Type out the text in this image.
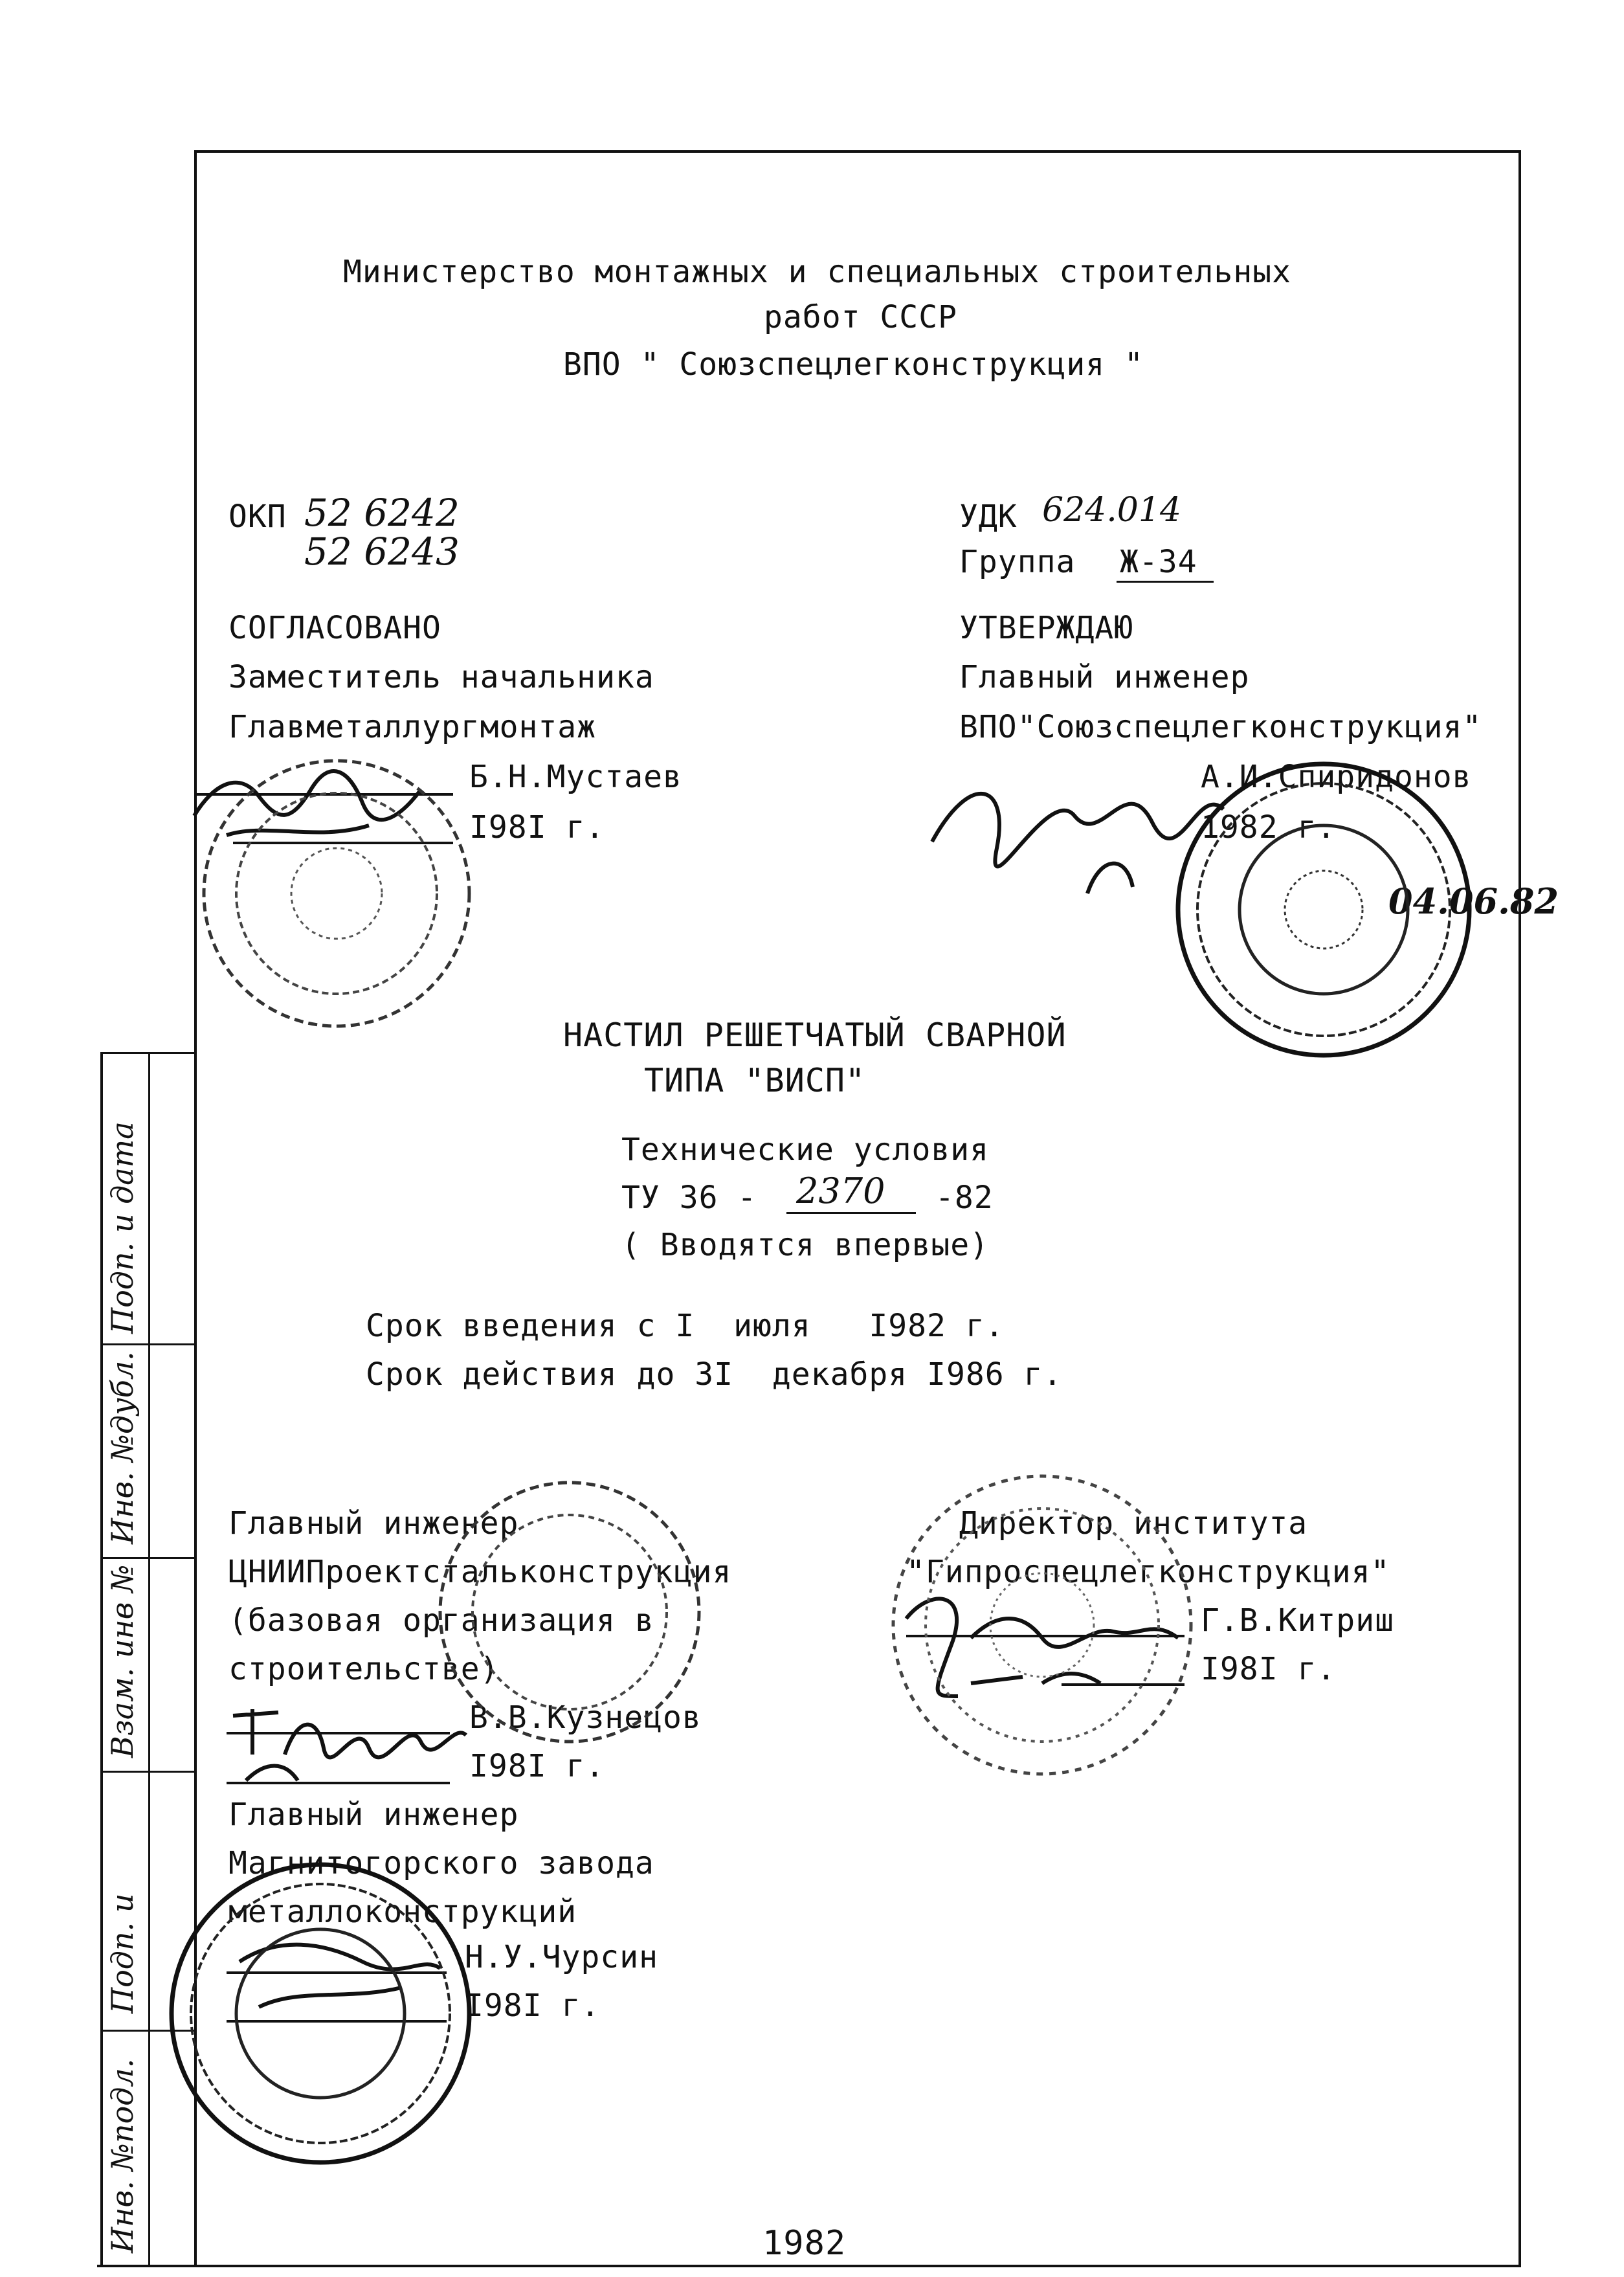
Подп. и дата
Инв. №дубл.
Взам. инв №
Подп. и
Инв. №подл.
Министерство монтажных и специальных строительных
работ СССР
ВПО " Союзспецлегконструкция "
ОКП 52 6242
52 6243
УДК 624.014
Группа Ж-34
СОГЛАСОВАНО
Заместитель начальника
Главметаллургмонтаж
Б.Н.Мустаев
I98I г.
УТВЕРЖДАЮ
Главный инженер
ВПО"Союзспецлегконструкция"
А.И.Спиридонов
1982 г.
04.06.82
НАСТИЛ РЕШЕТЧАТЫЙ СВАРНОЙ
ТИПА "ВИСП"
Технические условия
ТУ 36 - 2370 -82
( Вводятся впервые)
Срок введения с I  июля   I982 г.
Срок действия до 3I  декабря I986 г.
Главный инженер
ЦНИИПроектстальконструкция
(базовая организация в
строительстве)
В.В.Кузнецов
I98I г.
Директор института
"Гипроспецлегконструкция"
Г.В.Китриш
I98I г.
Главный инженер
Магнитогорского завода
металлоконструкций
Н.У.Чурсин
I98I г.
1982
